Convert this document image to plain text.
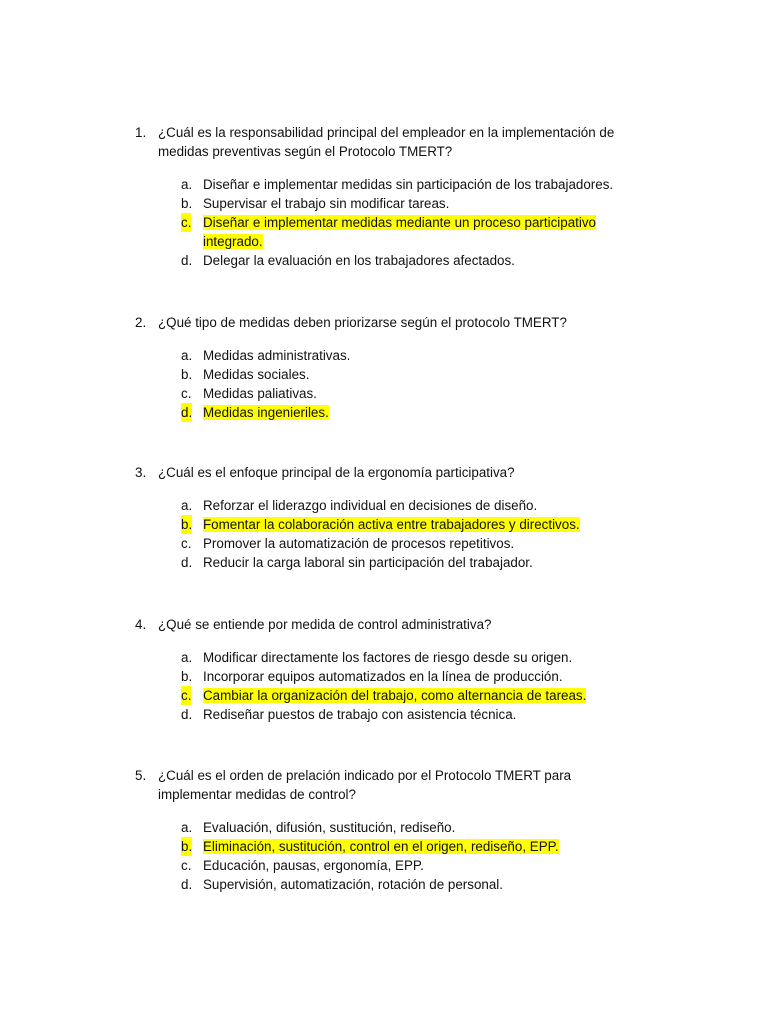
1. ¿Cuál es la responsabilidad principal del empleador en la implementación de medidas preventivas según el Protocolo TMERT?
a. Diseñar e implementar medidas sin participación de los trabajadores.
b. Supervisar el trabajo sin modificar tareas.
c. Diseñar e implementar medidas mediante un proceso participativo integrado.
d. Delegar la evaluación en los trabajadores afectados.
2. ¿Qué tipo de medidas deben priorizarse según el protocolo TMERT?
a. Medidas administrativas.
b. Medidas sociales.
c. Medidas paliativas.
d. Medidas ingenieriles.
3. ¿Cuál es el enfoque principal de la ergonomía participativa?
a. Reforzar el liderazgo individual en decisiones de diseño.
b. Fomentar la colaboración activa entre trabajadores y directivos.
c. Promover la automatización de procesos repetitivos.
d. Reducir la carga laboral sin participación del trabajador.
4. ¿Qué se entiende por medida de control administrativa?
a. Modificar directamente los factores de riesgo desde su origen.
b. Incorporar equipos automatizados en la línea de producción.
c. Cambiar la organización del trabajo, como alternancia de tareas.
d. Rediseñar puestos de trabajo con asistencia técnica.
5. ¿Cuál es el orden de prelación indicado por el Protocolo TMERT para implementar medidas de control?
a. Evaluación, difusión, sustitución, rediseño.
b. Eliminación, sustitución, control en el origen, rediseño, EPP.
c. Educación, pausas, ergonomía, EPP.
d. Supervisión, automatización, rotación de personal.
